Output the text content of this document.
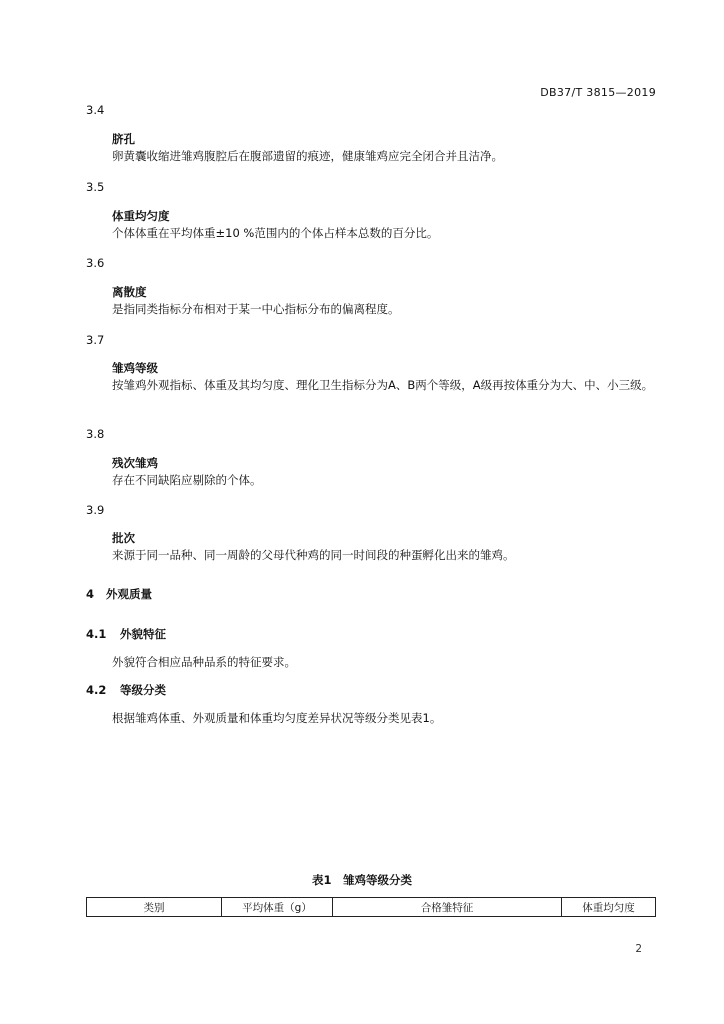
DB37/T 3815—2019
3.4
脐孔
卵黄囊收缩进雏鸡腹腔后在腹部遗留的痕迹，健康雏鸡应完全闭合并且洁净。
3.5
体重均匀度
个体体重在平均体重±10 %范围内的个体占样本总数的百分比。
3.6
离散度
是指同类指标分布相对于某一中心指标分布的偏离程度。
3.7
雏鸡等级
按雏鸡外观指标、体重及其均匀度、理化卫生指标分为A、B两个等级，A级再按体重分为大、中、小三级。
3.8
残次雏鸡
存在不同缺陷应剔除的个体。
3.9
批次
来源于同一品种、同一周龄的父母代种鸡的同一时间段的种蛋孵化出来的雏鸡。
4 外观质量
4.1 外貌特征
外貌符合相应品种品系的特征要求。
4.2 等级分类
根据雏鸡体重、外观质量和体重均匀度差异状况等级分类见表1。
表1　雏鸡等级分类
类别	平均体重（g）	合格雏特征	体重均匀度
2
